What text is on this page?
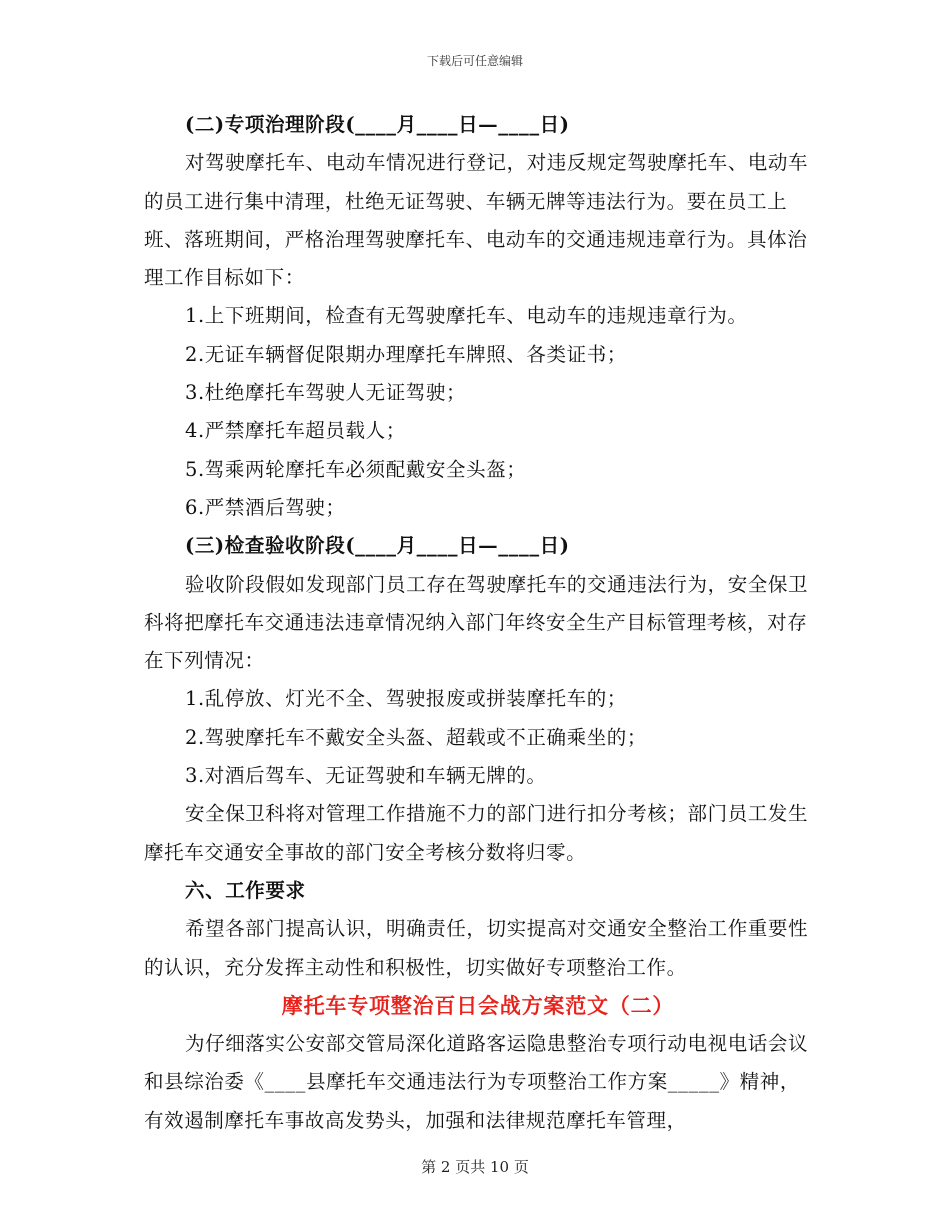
下载后可任意编辑

(二)专项治理阶段(____月____日—____日)

对驾驶摩托车、电动车情况进行登记，对违反规定驾驶摩托车、电动车的员工进行集中清理，杜绝无证驾驶、车辆无牌等违法行为。要在员工上班、落班期间，严格治理驾驶摩托车、电动车的交通违规违章行为。具体治理工作目标如下：

1.上下班期间，检查有无驾驶摩托车、电动车的违规违章行为。

2.无证车辆督促限期办理摩托车牌照、各类证书；

3.杜绝摩托车驾驶人无证驾驶；

4.严禁摩托车超员载人；

5.驾乘两轮摩托车必须配戴安全头盔；

6.严禁酒后驾驶；

(三)检查验收阶段(____月____日—____日)

验收阶段假如发现部门员工存在驾驶摩托车的交通违法行为，安全保卫科将把摩托车交通违法违章情况纳入部门年终安全生产目标管理考核，对存在下列情况：

1.乱停放、灯光不全、驾驶报废或拼装摩托车的；

2.驾驶摩托车不戴安全头盔、超载或不正确乘坐的；

3.对酒后驾车、无证驾驶和车辆无牌的。

安全保卫科将对管理工作措施不力的部门进行扣分考核；部门员工发生摩托车交通安全事故的部门安全考核分数将归零。

六、工作要求

希望各部门提高认识，明确责任，切实提高对交通安全整治工作重要性的认识，充分发挥主动性和积极性，切实做好专项整治工作。

摩托车专项整治百日会战方案范文（二）

为仔细落实公安部交管局深化道路客运隐患整治专项行动电视电话会议和县综治委《____县摩托车交通违法行为专项整治工作方案_____》精神，有效遏制摩托车事故高发势头，加强和法律规范摩托车管理，

第 2 页共 10 页
